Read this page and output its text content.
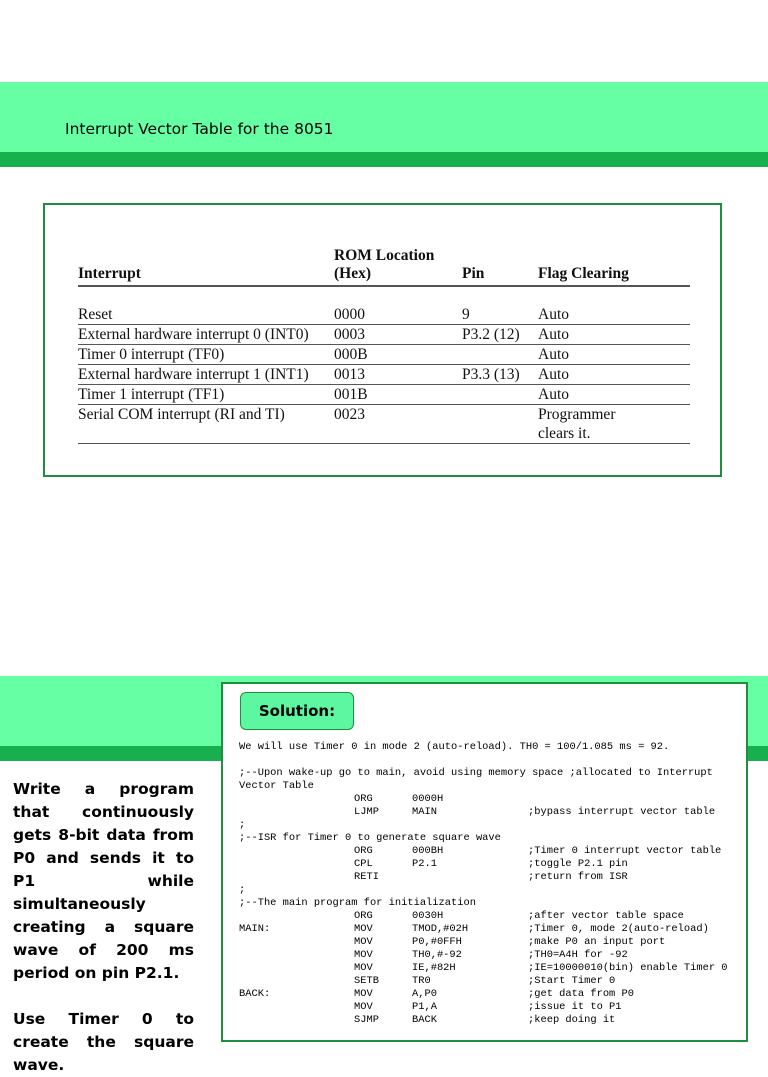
Interrupt Vector Table for the 8051
Interrupt	ROM Location (Hex)	Pin	Flag Clearing

Reset	0000	9	Auto
External hardware interrupt 0 (INT0)	0003	P3.2 (12)	Auto
Timer 0 interrupt (TF0)	000B		Auto
External hardware interrupt 1 (INT1)	0013	P3.3 (13)	Auto
Timer 1 interrupt (TF1)	001B		Auto
Serial COM interrupt (RI and TI)	0023		Programmer
clears it.

Write a program that continuously gets 8-bit data from P0 and sends it to P1 while simultaneously creating a square wave of 200 ms period on pin P2.1.

Use Timer 0 to create the square wave.

Solution:
We will use Timer 0 in mode 2 (auto-reload). TH0 = 100/1.085 ms = 92.
;--Upon wake-up go to main, avoid using memory space ;allocated to Interrupt Vector Table
ORG	0000H
LJMP	MAIN	;bypass interrupt vector table
;
;--ISR for Timer 0 to generate square wave
ORG	000BH	;Timer 0 interrupt vector table
CPL	P2.1	;toggle P2.1 pin
RETI	;return from ISR
;
;--The main program for initialization
ORG	0030H	;after vector table space
MAIN:	MOV	TMOD,#02H	;Timer 0, mode 2(auto-reload)
MOV	P0,#0FFH	;make P0 an input port
MOV	TH0,#-92	;TH0=A4H for -92
MOV	IE,#82H	;IE=10000010(bin) enable Timer 0
SETB	TR0	;Start Timer 0
BACK:	MOV	A,P0	;get data from P0
MOV	P1,A	;issue it to P1
SJMP	BACK	;keep doing it
